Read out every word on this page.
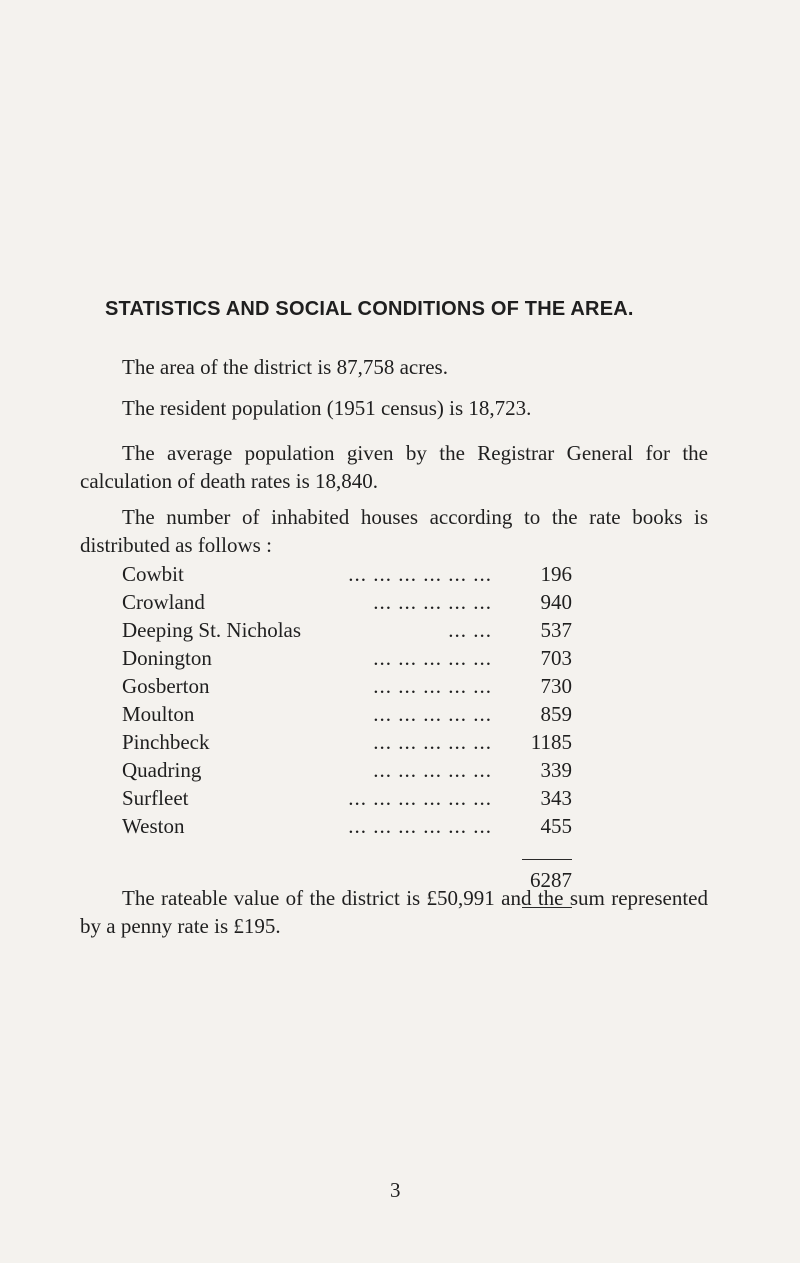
STATISTICS AND SOCIAL CONDITIONS OF THE AREA.

The area of the district is 87,758 acres.

The resident population (1951 census) is 18,723.

The average population given by the Registrar General for the calculation of death rates is 18,840.

The number of inhabited houses according to the rate books is distributed as follows :

... ... ... ... ... ...
Cowbit	196
... ... ... ... ...
Crowland	940
... ...
Deeping St. Nicholas	537
... ... ... ... ...
Donington	703
... ... ... ... ...
Gosberton	730
... ... ... ... ...
Moulton	859
... ... ... ... ...
Pinchbeck	1185
... ... ... ... ...
Quadring	339
... ... ... ... ... ...
Surfleet	343
... ... ... ... ... ...
Weston	455
6287

The rateable value of the district is £50,991 and the sum represented by a penny rate is £195.

3
